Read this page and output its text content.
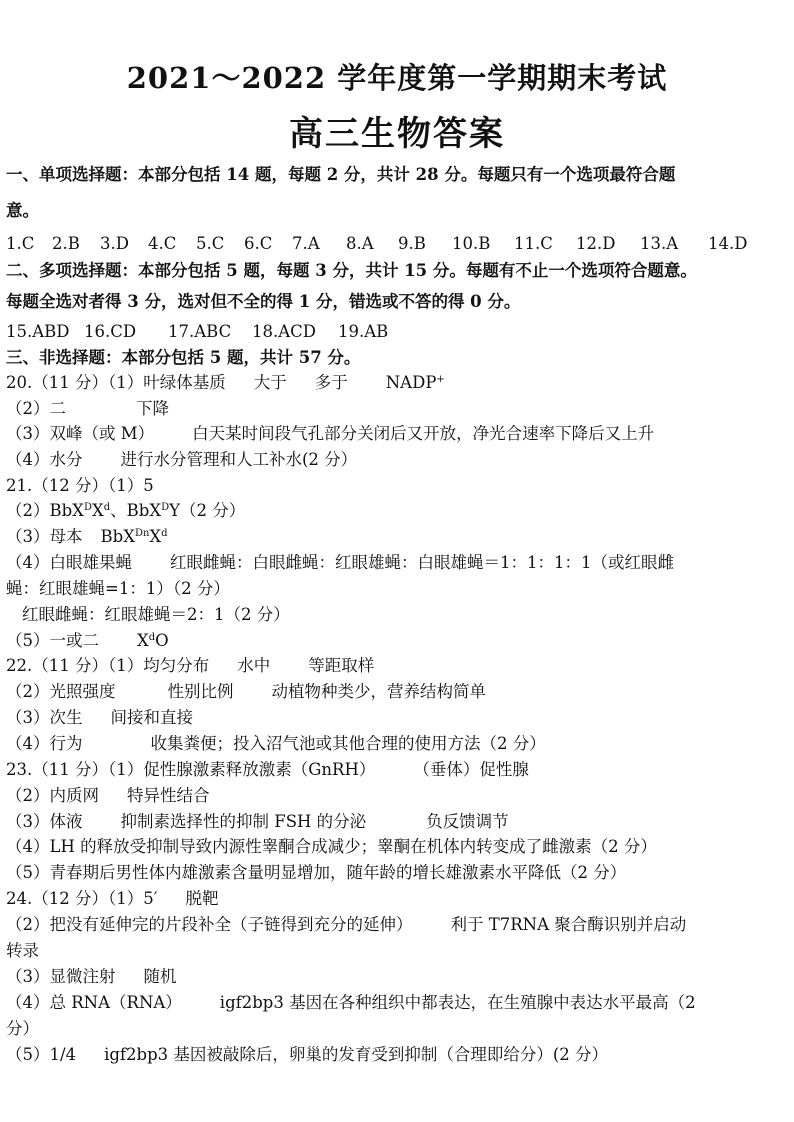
2021～2022 学年度第一学期期末考试
高三生物答案
一、单项选择题：本部分包括 14 题，每题 2 分，共计 28 分。每题只有一个选项最符合题
意。
1.C 2.B 3.D 4.C 5.C 6.C 7.A 8.A 9.B 10.B 11.C 12.D 13.A 14.D
二、多项选择题：本部分包括 5 题，每题 3 分，共计 15 分。每题有不止一个选项符合题意。
每题全选对者得 3 分，选对但不全的得 1 分，错选或不答的得 0 分。
15.ABD 16.CD 17.ABC 18.ACD 19.AB
三、非选择题：本部分包括 5 题，共计 57 分。
20.（11 分）（1）叶绿体基质 大于 多于 NADP+
（2）二	下降
（3）双峰（或 M） 白天某时间段气孔部分关闭后又开放，净光合速率下降后又上升
（4）水分 进行水分管理和人工补水(2 分）
21.（12 分）（1）5
$(2)BbX^DX^d$、BbX$^D$Y（2 分）
（3）母本 $BbX^{Dn}X^d$
（4）白眼雄果蝇 红眼雌蝇：白眼雌蝇：红眼雄蝇：白眼雄蝇＝1：1：1：1（或红眼雌
蝇：红眼雄蝇=1：1）（2 分）
红眼雌蝇：红眼雄蝇＝2：1（2 分）
（5）一或二 $X^dO$
22.（11 分）（1）均匀分布 水中 等距取样
（2）光照强度	性别比例 动植物种类少，营养结构简单
（3）次生 间接和直接
（4）行为	收集粪便；投入沼气池或其他合理的使用方法（2 分）
23.（11 分）（1）促性腺激素释放激素（GnRH） （垂体）促性腺
（2）内质网 特异性结合
（3）体液 抑制素选择性的抑制 FSH 的分泌	负反馈调节
（4）LH 的释放受抑制导致内源性睾酮合成减少；睾酮在机体内转变成了雌激素（2 分）
（5）青春期后男性体内雄激素含量明显增加，随年龄的增长雄激素水平降低（2 分）
24.（12 分）（1）5′ 脱靶
（2）把没有延伸完的片段补全（子链得到充分的延伸） 利于 T7RNA 聚合酶识别并启动
转录
（3）显微注射 随机
（4）总 RNA（RNA） igf2bp3 基因在各种组织中都表达，在生殖腺中表达水平最高（2
分）
（5）1/4 igf2bp3 基因被敲除后，卵巢的发育受到抑制（合理即给分）(2 分）
